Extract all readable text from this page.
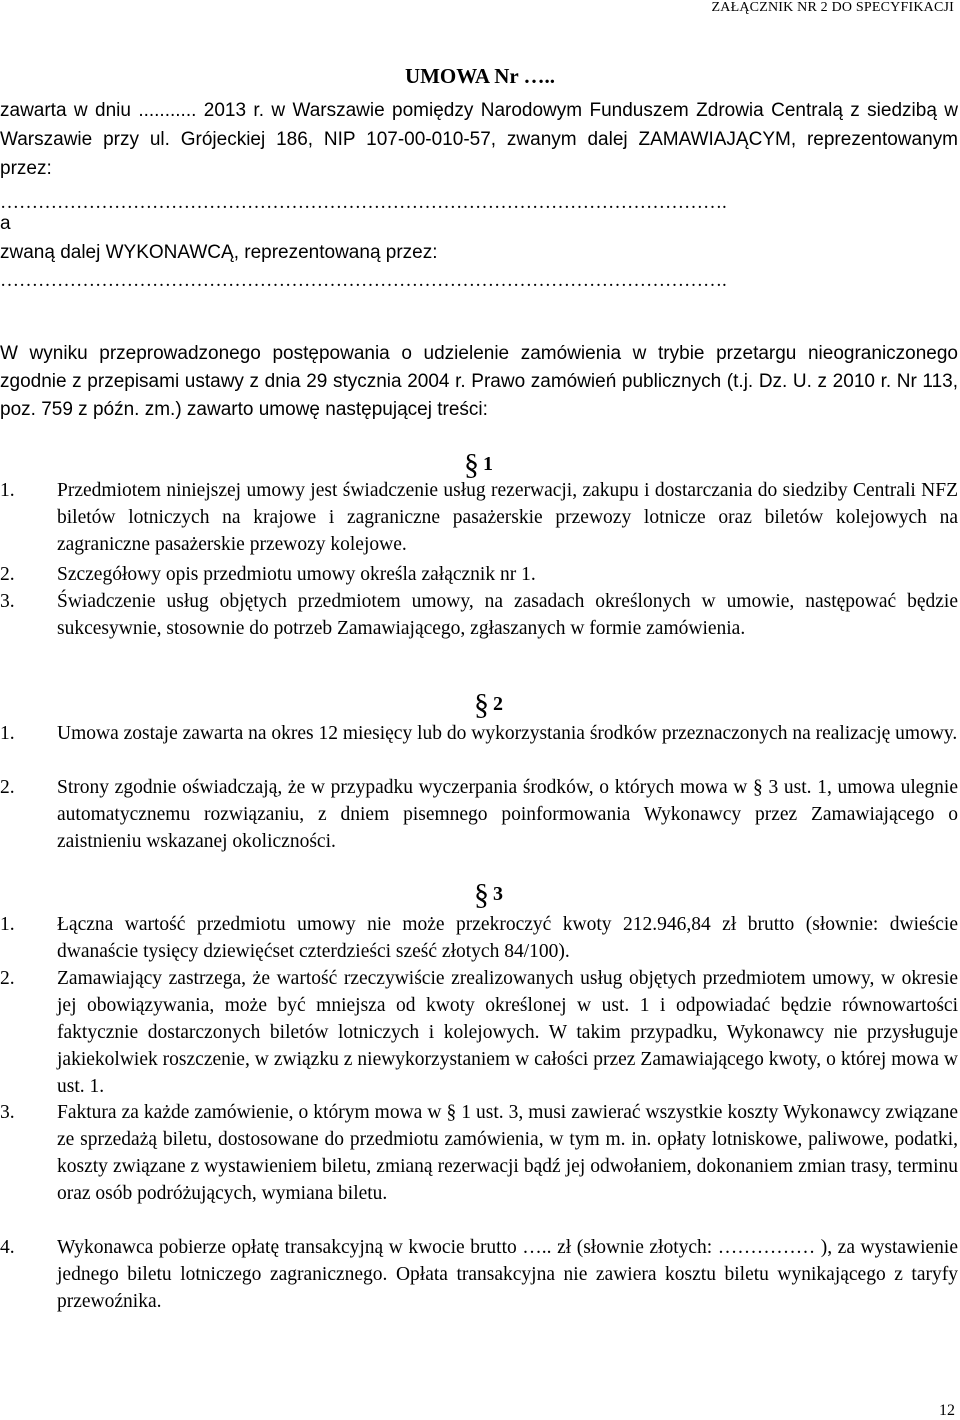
ZAŁĄCZNIK NR 2 DO SPECYFIKACJI
UMOWA Nr …..
zawarta w dniu ........... 2013 r. w Warszawie pomiędzy Narodowym Funduszem Zdrowia Centralą z siedzibą w Warszawie przy ul. Grójeckiej 186, NIP 107-00-010-57, zwanym dalej ZAMAWIAJĄCYM, reprezentowanym przez:
…………………………………………………………………………………………………….
a
zwaną dalej WYKONAWCĄ, reprezentowaną przez:
…………………………………………………………………………………………………….
W wyniku przeprowadzonego postępowania o udzielenie zamówienia w trybie przetargu nieograniczonego zgodnie z przepisami ustawy z dnia 29 stycznia 2004 r. Prawo zamówień publicznych (t.j. Dz. U. z 2010 r. Nr 113, poz. 759 z późn. zm.) zawarto umowę następującej treści:
§ 1
1. Przedmiotem niniejszej umowy jest świadczenie usług rezerwacji, zakupu i dostarczania do siedziby Centrali NFZ biletów lotniczych na krajowe i zagraniczne pasażerskie przewozy lotnicze oraz biletów kolejowych na zagraniczne pasażerskie przewozy kolejowe.
2. Szczegółowy opis przedmiotu umowy określa załącznik nr 1.
3. Świadczenie usług objętych przedmiotem umowy, na zasadach określonych w umowie, następować będzie sukcesywnie, stosownie do potrzeb Zamawiającego, zgłaszanych w formie zamówienia.
§ 2
1. Umowa zostaje zawarta na okres 12 miesięcy lub do wykorzystania środków przeznaczonych na realizację umowy.
2. Strony zgodnie oświadczają, że w przypadku wyczerpania środków, o których mowa w § 3 ust. 1, umowa ulegnie automatycznemu rozwiązaniu, z dniem pisemnego poinformowania Wykonawcy przez Zamawiającego o zaistnieniu wskazanej okoliczności.
§ 3
1. Łączna wartość przedmiotu umowy nie może przekroczyć kwoty 212.946,84 zł brutto (słownie: dwieście dwanaście tysięcy dziewięćset czterdzieści sześć złotych 84/100).
2. Zamawiający zastrzega, że wartość rzeczywiście zrealizowanych usług objętych przedmiotem umowy, w okresie jej obowiązywania, może być mniejsza od kwoty określonej w ust. 1 i odpowiadać będzie równowartości faktycznie dostarczonych biletów lotniczych i kolejowych. W takim przypadku, Wykonawcy nie przysługuje jakiekolwiek roszczenie, w związku z niewykorzystaniem w całości przez Zamawiającego kwoty, o której mowa w ust. 1.
3. Faktura za każde zamówienie, o którym mowa w § 1 ust. 3, musi zawierać wszystkie koszty Wykonawcy związane ze sprzedażą biletu, dostosowane do przedmiotu zamówienia, w tym m. in. opłaty lotniskowe, paliwowe, podatki, koszty związane z wystawieniem biletu, zmianą rezerwacji bądź jej odwołaniem, dokonaniem zmian trasy, terminu oraz osób podróżujących, wymiana biletu.
4. Wykonawca pobierze opłatę transakcyjną w kwocie brutto ….. zł (słownie złotych: …………… ), za wystawienie jednego biletu lotniczego zagranicznego. Opłata transakcyjna nie zawiera kosztu biletu wynikającego z taryfy przewoźnika.
12
